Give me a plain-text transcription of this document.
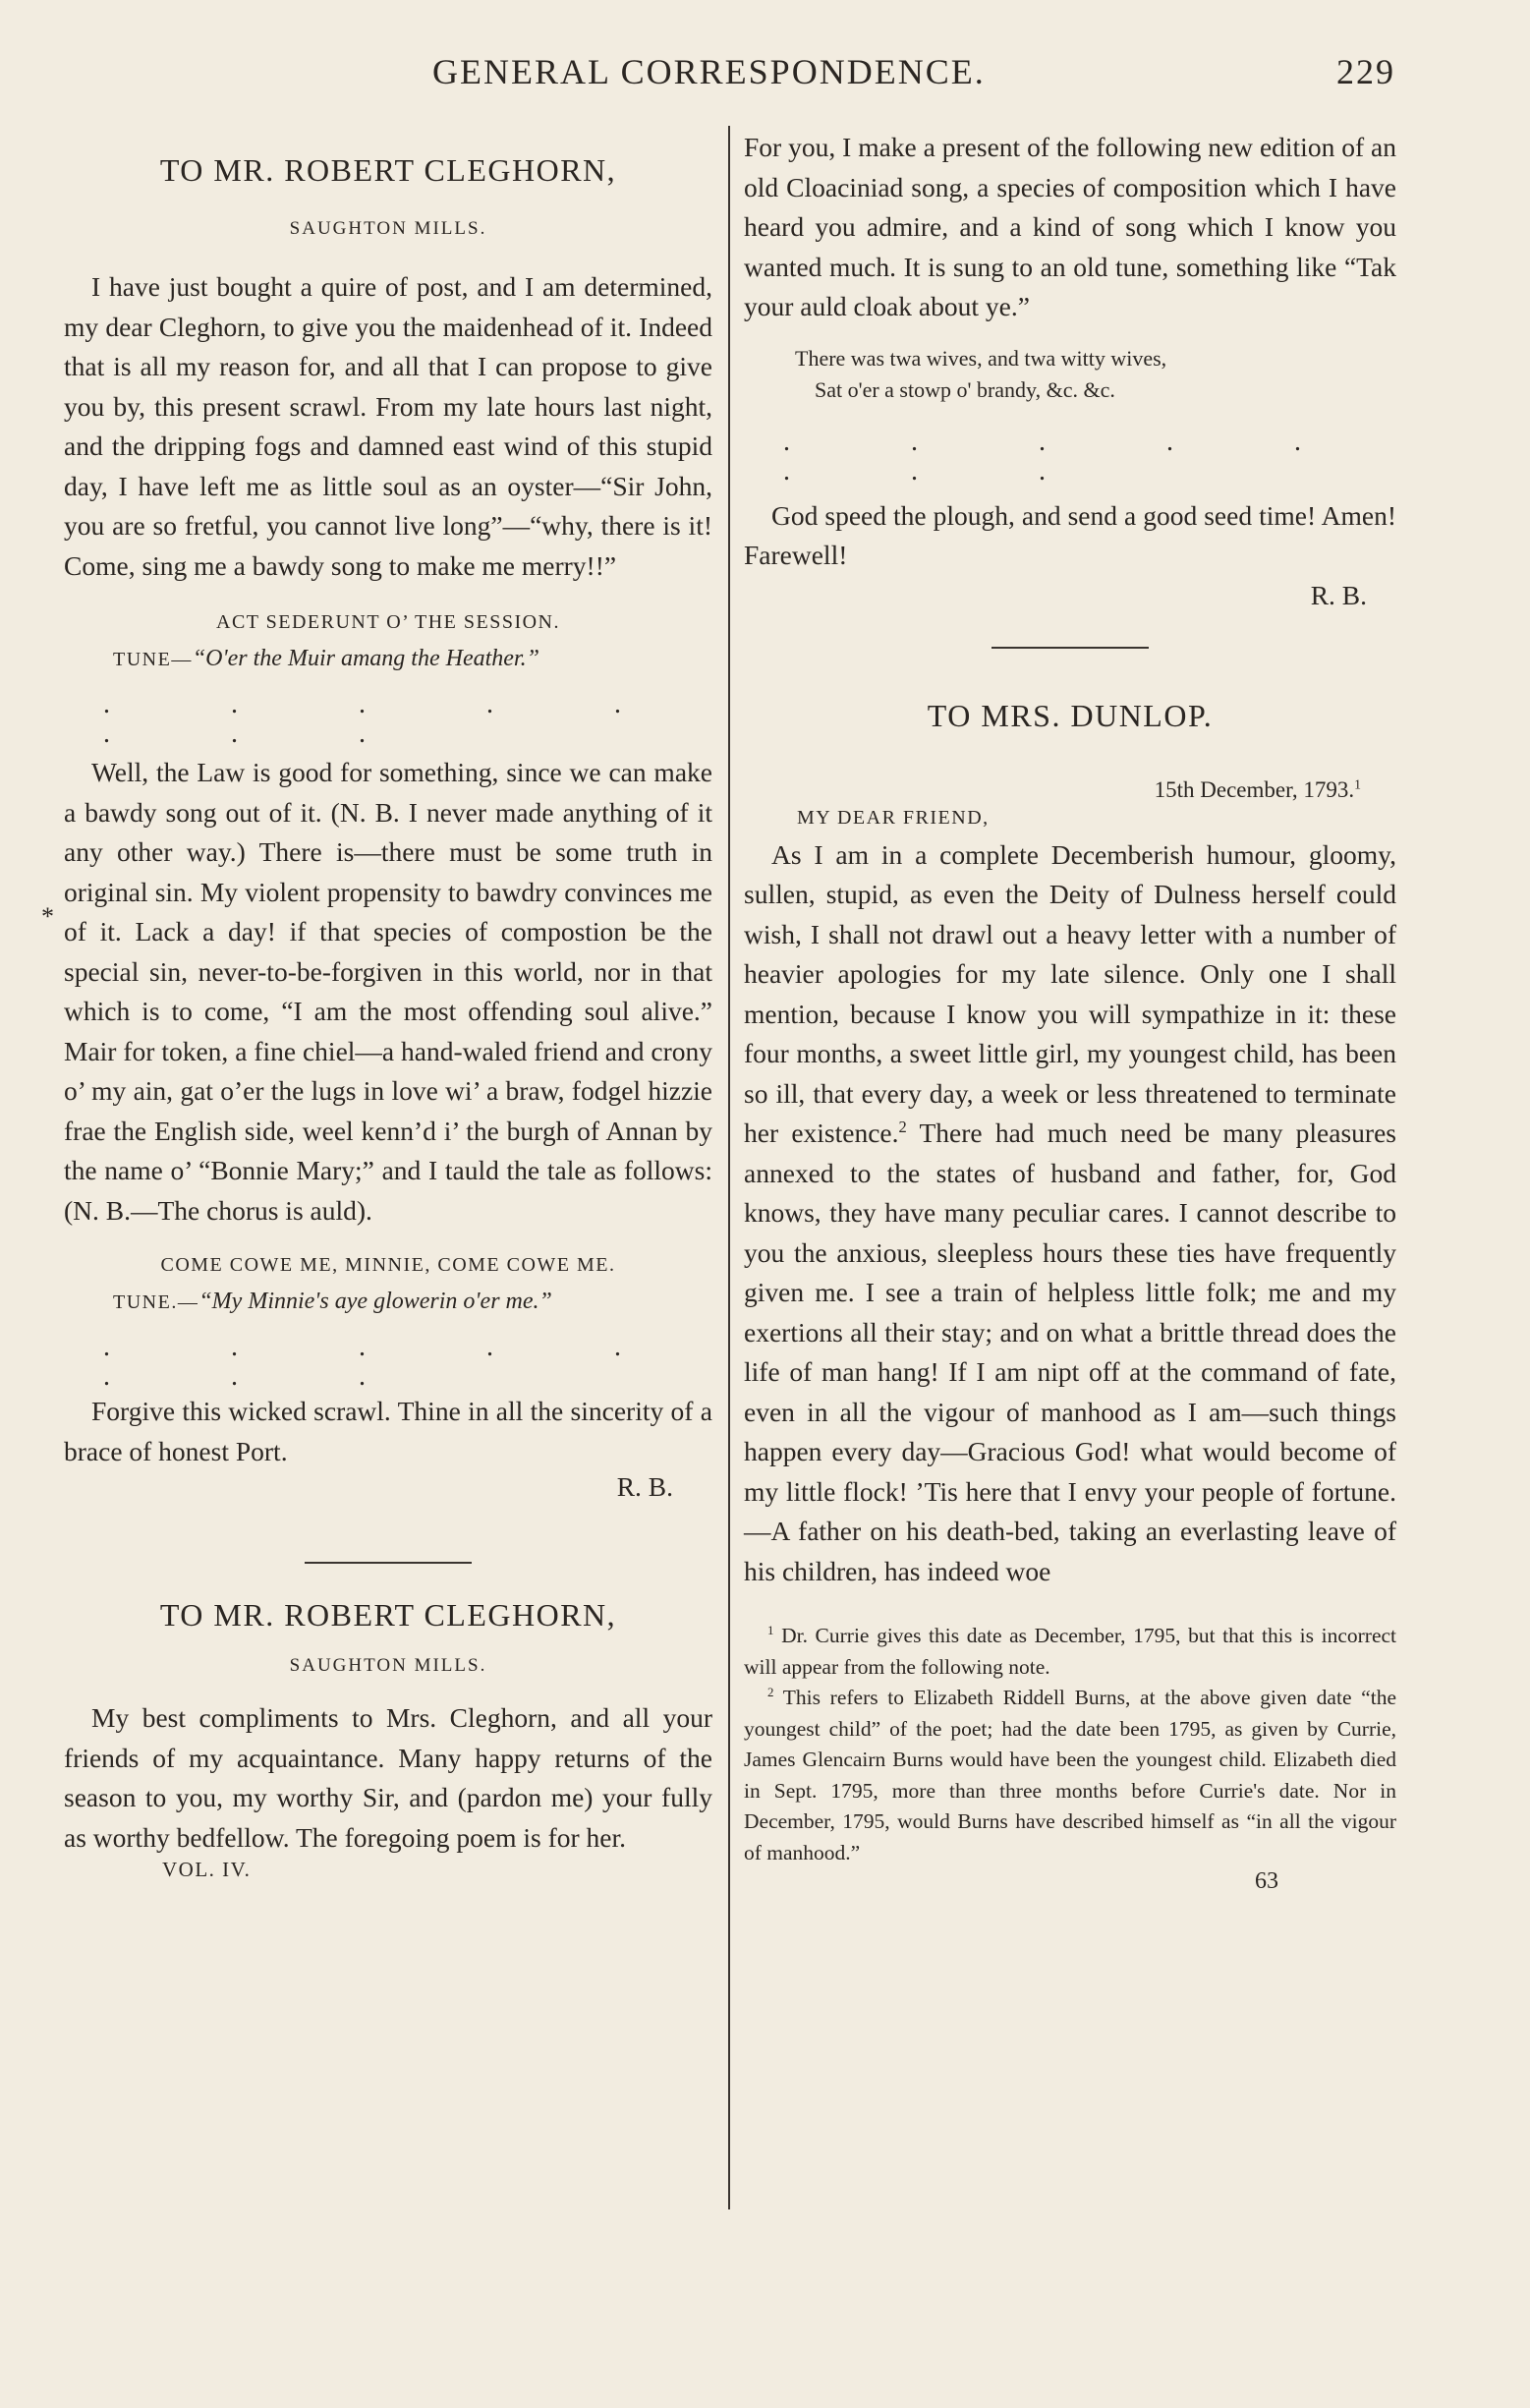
GENERAL CORRESPONDENCE.	229
*

TO MR. ROBERT CLEGHORN,

SAUGHTON MILLS.

I have just bought a quire of post, and I am determined, my dear Cleghorn, to give you the maidenhead of it. Indeed that is all my reason for, and all that I can propose to give you by, this present scrawl. From my late hours last night, and the dripping fogs and damned east wind of this stupid day, I have left me as little soul as an oyster—“Sir John, you are so fretful, you cannot live long”—“why, there is it! Come, sing me a bawdy song to make me merry!!”

ACT SEDERUNT O’ THE SESSION.

TUNE—“O'er the Muir amang the Heather.”

. . . . . . . .

Well, the Law is good for something, since we can make a bawdy song out of it. (N. B. I never made anything of it any other way.) There is—there must be some truth in original sin. My violent propensity to bawdry convinces me of it. Lack a day! if that species of compostion be the special sin, never-to-be-forgiven in this world, nor in that which is to come, “I am the most offending soul alive.” Mair for token, a fine chiel—a hand-waled friend and crony o’ my ain, gat o’er the lugs in love wi’ a braw, fodgel hizzie frae the English side, weel kenn’d i’ the burgh of Annan by the name o’ “Bonnie Mary;” and I tauld the tale as follows: (N. B.—The chorus is auld).

COME COWE ME, MINNIE, COME COWE ME.

TUNE.—“My Minnie's aye glowerin o'er me.”

. . . . . . . .

Forgive this wicked scrawl. Thine in all the sincerity of a brace of honest Port.

R. B.

TO MR. ROBERT CLEGHORN,

SAUGHTON MILLS.

My best compliments to Mrs. Cleghorn, and all your friends of my acquaintance. Many happy returns of the season to you, my worthy Sir, and (pardon me) your fully as worthy bedfellow. The foregoing poem is for her.

VOL. IV.

For you, I make a present of the following new edition of an old Cloaciniad song, a species of composition which I have heard you admire, and a kind of song which I know you wanted much. It is sung to an old tune, something like “Tak your auld cloak about ye.”

There was twa wives, and twa witty wives,

Sat o'er a stowp o' brandy, &c. &c.

. . . . . . . .

God speed the plough, and send a good seed time! Amen! Farewell!

R. B.

TO MRS. DUNLOP.

15th December, 1793.$^1$

MY DEAR FRIEND,

As I am in a complete Decemberish humour, gloomy, sullen, stupid, as even the Deity of Dulness herself could wish, I shall not drawl out a heavy letter with a number of heavier apologies for my late silence. Only one I shall mention, because I know you will sympathize in it: these four months, a sweet little girl, my youngest child, has been so ill, that every day, a week or less threatened to terminate her existence.$^2$ There had much need be many pleasures annexed to the states of husband and father, for, God knows, they have many peculiar cares. I cannot describe to you the anxious, sleepless hours these ties have frequently given me. I see a train of helpless little folk; me and my exertions all their stay; and on what a brittle thread does the life of man hang! If I am nipt off at the command of fate, even in all the vigour of manhood as I am—such things happen every day—Gracious God! what would become of my little flock! ’Tis here that I envy your people of fortune. —A father on his death-bed, taking an everlasting leave of his children, has indeed woe

$^1$ Dr. Currie gives this date as December, 1795, but that this is incorrect will appear from the following note.

$^2$ This refers to Elizabeth Riddell Burns, at the above given date “the youngest child” of the poet; had the date been 1795, as given by Currie, James Glencairn Burns would have been the youngest child. Elizabeth died in Sept. 1795, more than three months before Currie's date. Nor in December, 1795, would Burns have described himself as “in all the vigour of manhood.”

63
